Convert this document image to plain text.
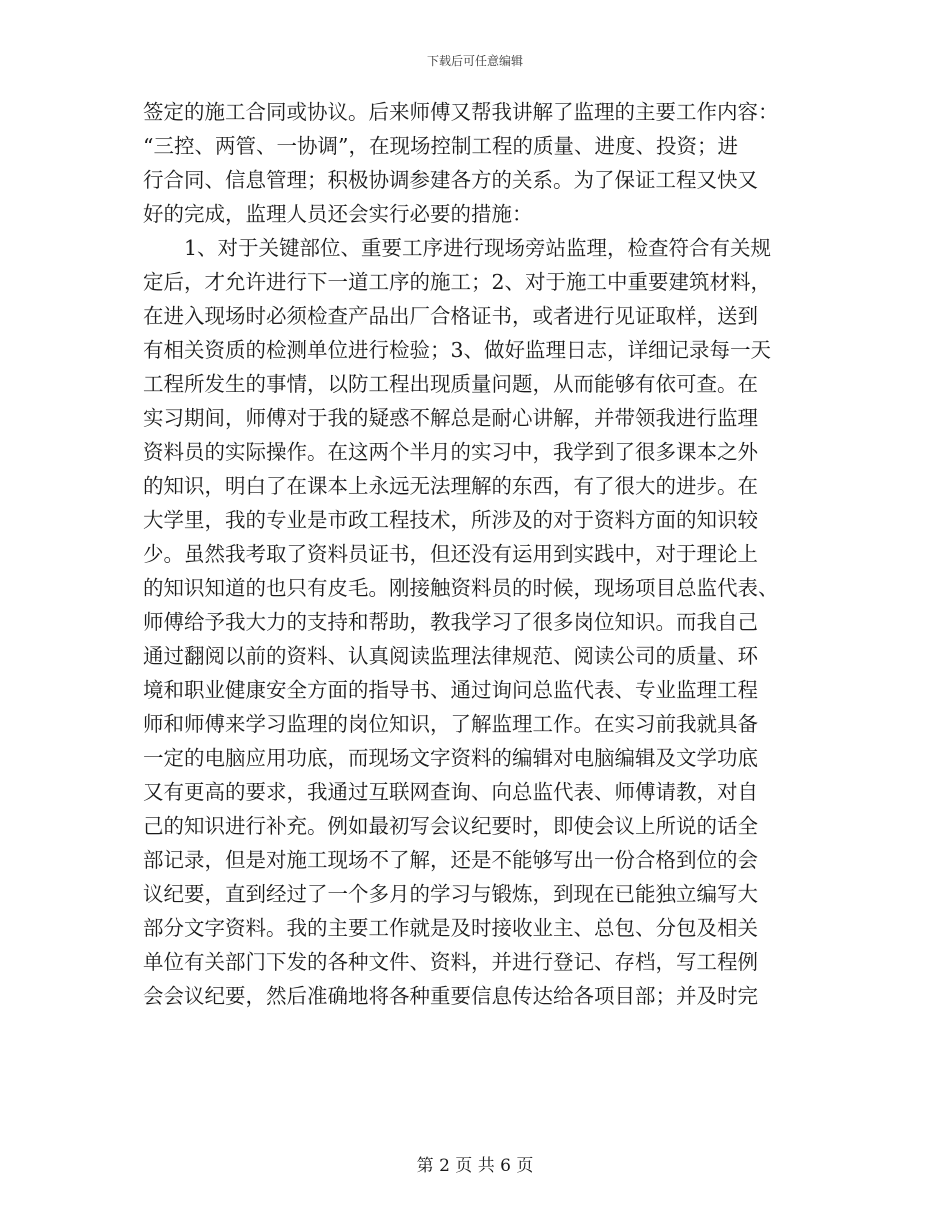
下载后可任意编辑
签定的施工合同或协议。后来师傅又帮我讲解了监理的主要工作内容：
“三控、两管、一协调”，在现场控制工程的质量、进度、投资；进
行合同、信息管理；积极协调参建各方的关系。为了保证工程又快又
好的完成，监理人员还会实行必要的措施：
1、对于关键部位、重要工序进行现场旁站监理，检查符合有关规
定后，才允许进行下一道工序的施工；2、对于施工中重要建筑材料，
在进入现场时必须检查产品出厂合格证书，或者进行见证取样，送到
有相关资质的检测单位进行检验；3、做好监理日志，详细记录每一天
工程所发生的事情，以防工程出现质量问题，从而能够有依可查。在
实习期间，师傅对于我的疑惑不解总是耐心讲解，并带领我进行监理
资料员的实际操作。在这两个半月的实习中，我学到了很多课本之外
的知识，明白了在课本上永远无法理解的东西，有了很大的进步。在
大学里，我的专业是市政工程技术，所涉及的对于资料方面的知识较
少。虽然我考取了资料员证书，但还没有运用到实践中，对于理论上
的知识知道的也只有皮毛。刚接触资料员的时候，现场项目总监代表、
师傅给予我大力的支持和帮助，教我学习了很多岗位知识。而我自己
通过翻阅以前的资料、认真阅读监理法律规范、阅读公司的质量、环
境和职业健康安全方面的指导书、通过询问总监代表、专业监理工程
师和师傅来学习监理的岗位知识，了解监理工作。在实习前我就具备
一定的电脑应用功底，而现场文字资料的编辑对电脑编辑及文学功底
又有更高的要求，我通过互联网查询、向总监代表、师傅请教，对自
己的知识进行补充。例如最初写会议纪要时，即使会议上所说的话全
部记录，但是对施工现场不了解，还是不能够写出一份合格到位的会
议纪要，直到经过了一个多月的学习与锻炼，到现在已能独立编写大
部分文字资料。我的主要工作就是及时接收业主、总包、分包及相关
单位有关部门下发的各种文件、资料，并进行登记、存档，写工程例
会会议纪要，然后准确地将各种重要信息传达给各项目部；并及时完
第 2 页 共 6 页
